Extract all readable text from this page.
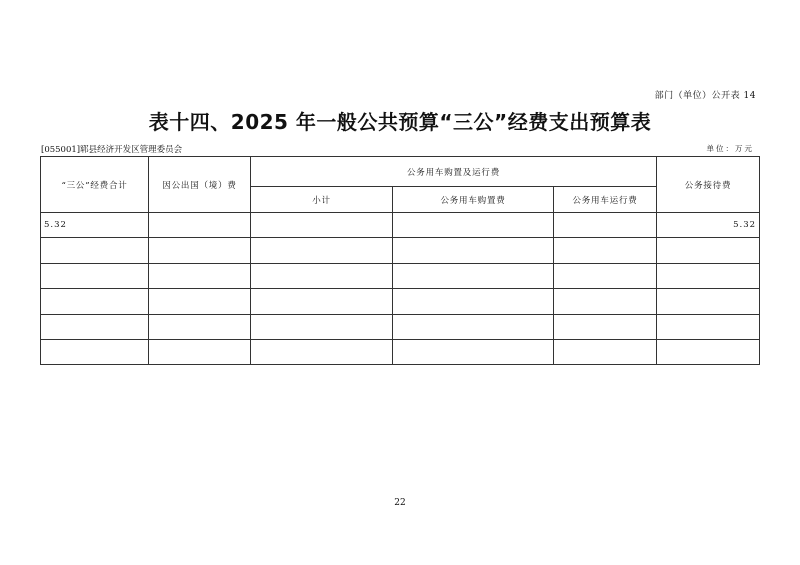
部门（单位）公开表 14
表十四、2025 年一般公共预算“三公”经费支出预算表
[055001]郓县经济开发区管理委员会	单位：万元
“三公”经费合计	因公出国（境）费	公务用车购置及运行费			公务接待费
		小计	公务用车购置费	公务用车运行费	
5.32					5.32

22
